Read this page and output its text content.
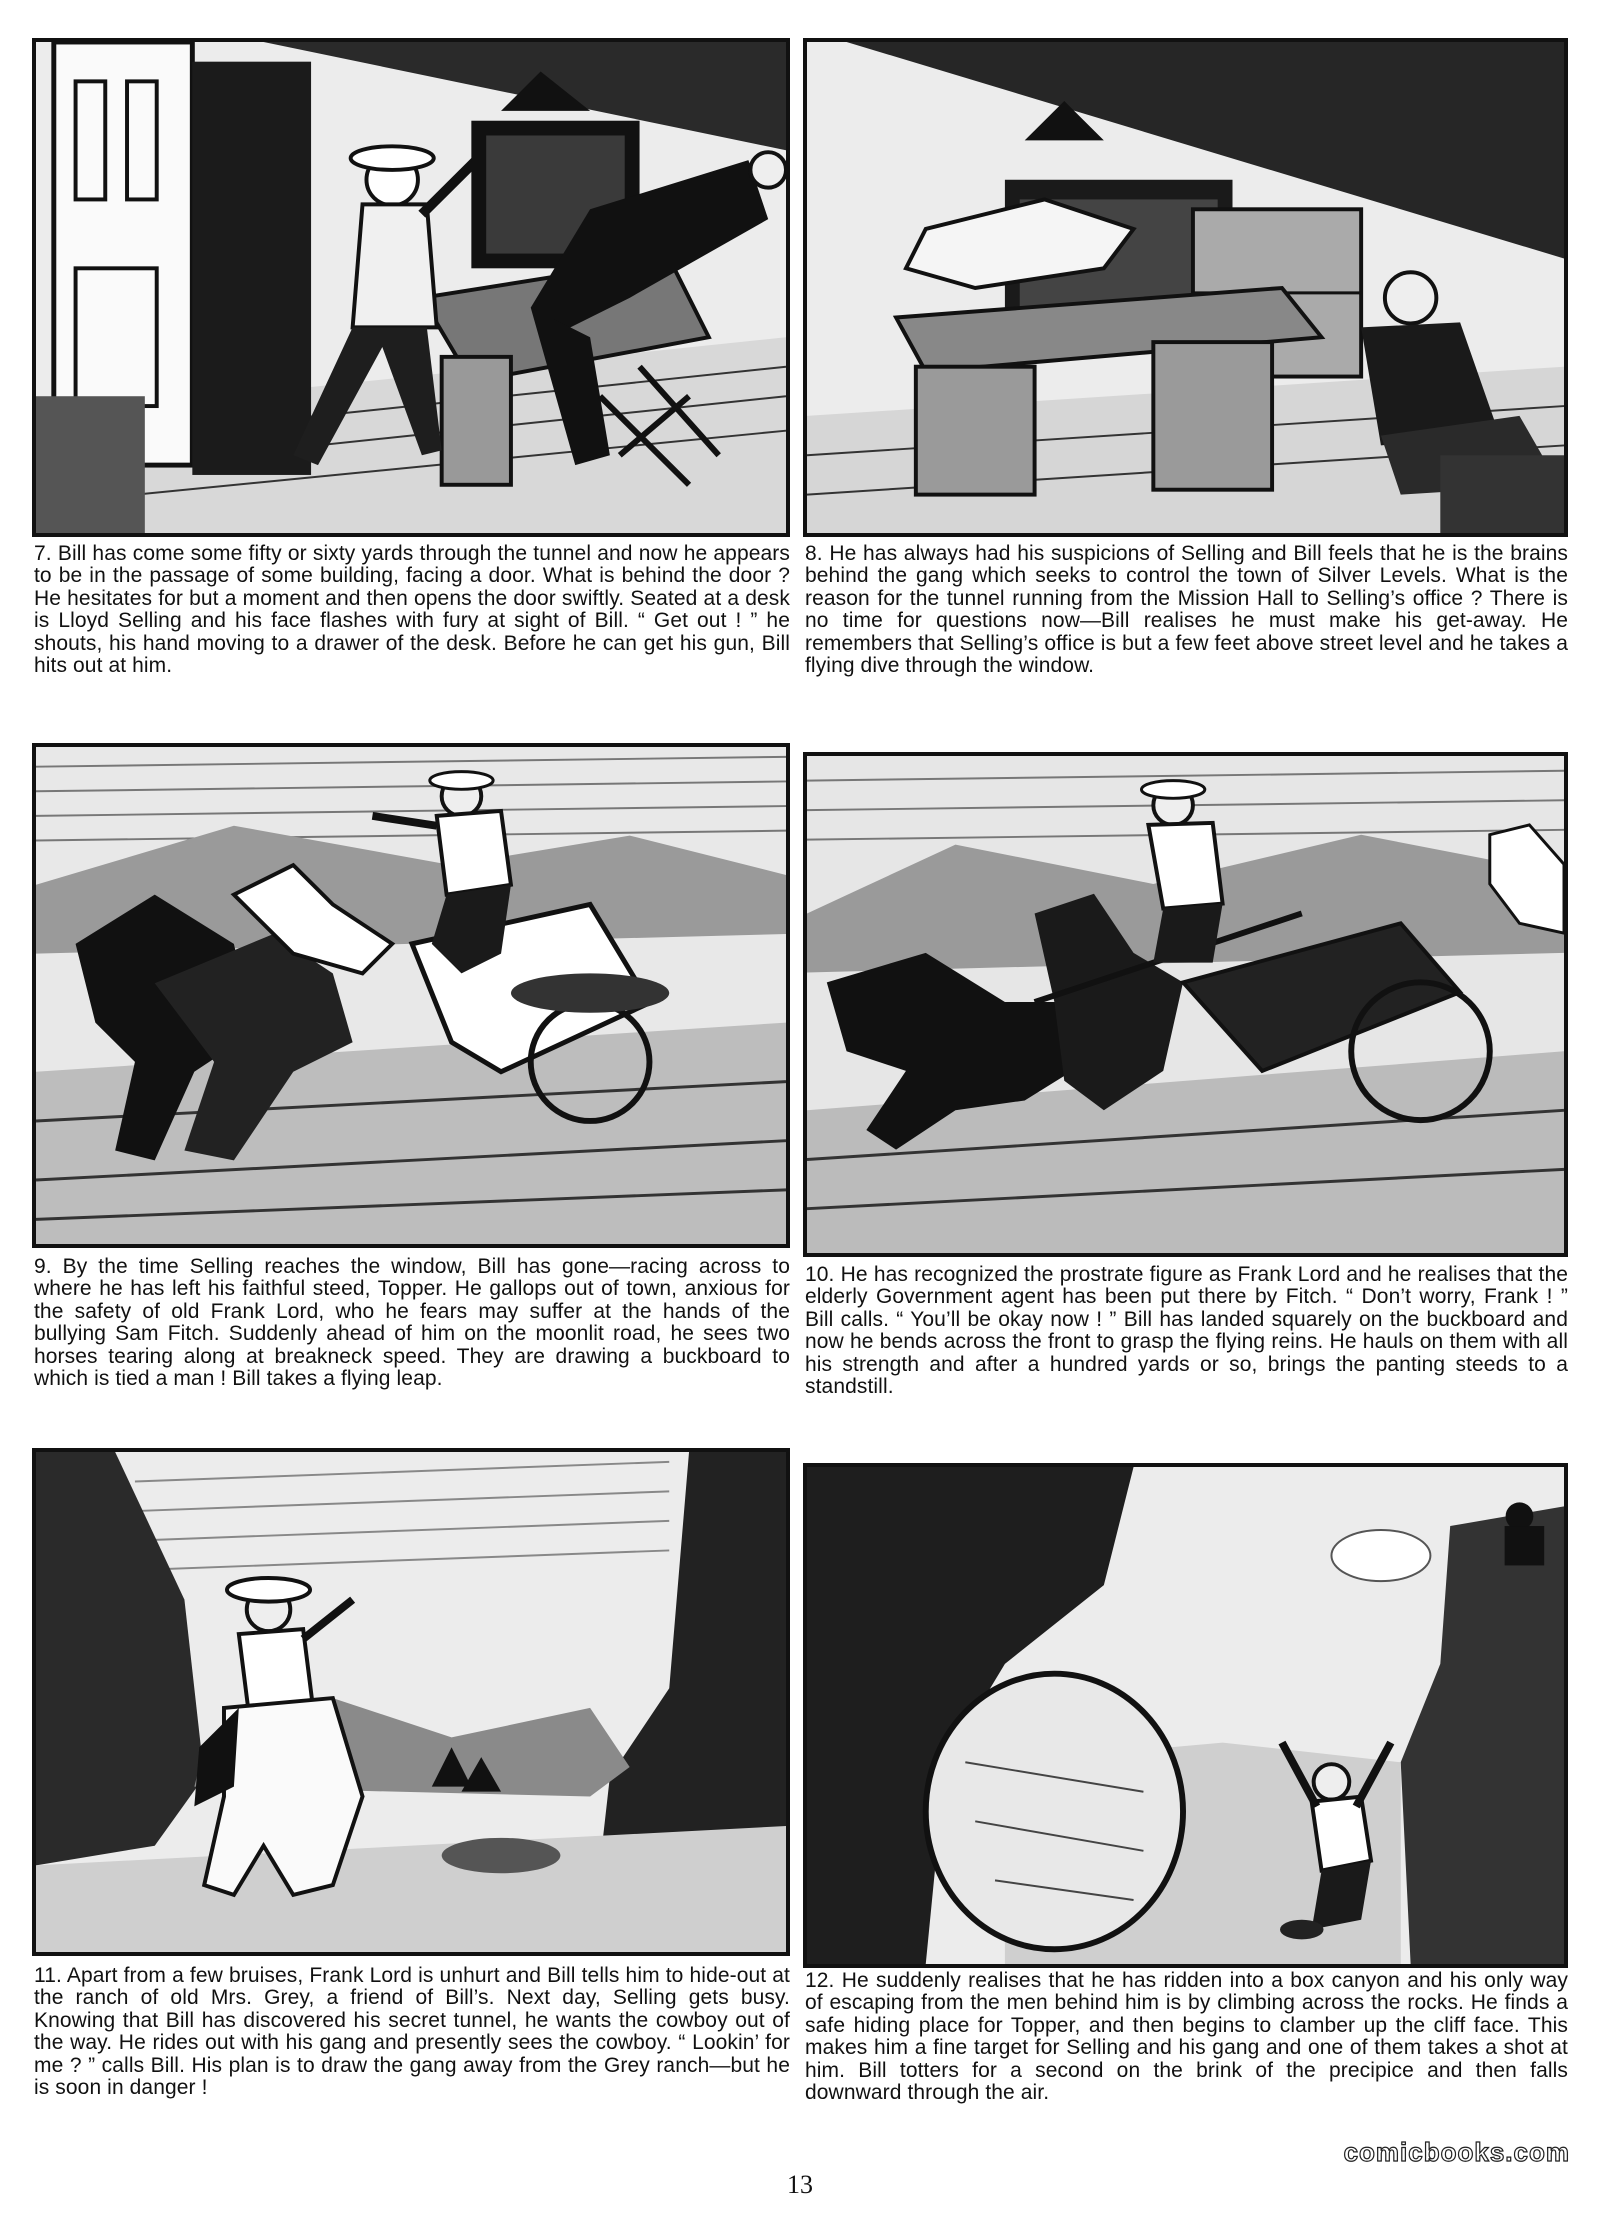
7. Bill has come some fifty or sixty yards through the tunnel and now he appears to be in the passage of some building, facing a door. What is behind the door ? He hesitates for but a moment and then opens the door swiftly. Seated at a desk is Lloyd Selling and his face flashes with fury at sight of Bill. “ Get out ! ” he shouts, his hand moving to a drawer of the desk. Before he can get his gun, Bill hits out at him.

8. He has always had his suspicions of Selling and Bill feels that he is the brains behind the gang which seeks to control the town of Silver Levels. What is the reason for the tunnel running from the Mission Hall to Selling’s office ? There is no time for questions now—Bill realises he must make his get-away. He remembers that Selling’s office is but a few feet above street level and he takes a flying dive through the window.

9. By the time Selling reaches the window, Bill has gone—racing across to where he has left his faithful steed, Topper. He gallops out of town, anxious for the safety of old Frank Lord, who he fears may suffer at the hands of the bullying Sam Fitch. Suddenly ahead of him on the moonlit road, he sees two horses tearing along at breakneck speed. They are drawing a buckboard to which is tied a man ! Bill takes a flying leap.

10. He has recognized the prostrate figure as Frank Lord and he realises that the elderly Government agent has been put there by Fitch. “ Don’t worry, Frank ! ” Bill calls. “ You’ll be okay now ! ” Bill has landed squarely on the buckboard and now he bends across the front to grasp the flying reins. He hauls on them with all his strength and after a hundred yards or so, brings the panting steeds to a standstill.

11. Apart from a few bruises, Frank Lord is unhurt and Bill tells him to hide-out at the ranch of old Mrs. Grey, a friend of Bill’s. Next day, Selling gets busy. Knowing that Bill has discovered his secret tunnel, he wants the cowboy out of the way. He rides out with his gang and presently sees the cowboy. “ Lookin’ for me ? ” calls Bill. His plan is to draw the gang away from the Grey ranch—but he is soon in danger !

12. He suddenly realises that he has ridden into a box canyon and his only way of escaping from the men behind him is by climbing across the rocks. He finds a safe hiding place for Topper, and then begins to clamber up the cliff face. This makes him a fine target for Selling and his gang and one of them takes a shot at him. Bill totters for a second on the brink of the precipice and then falls downward through the air.

13
comicbooks.com
